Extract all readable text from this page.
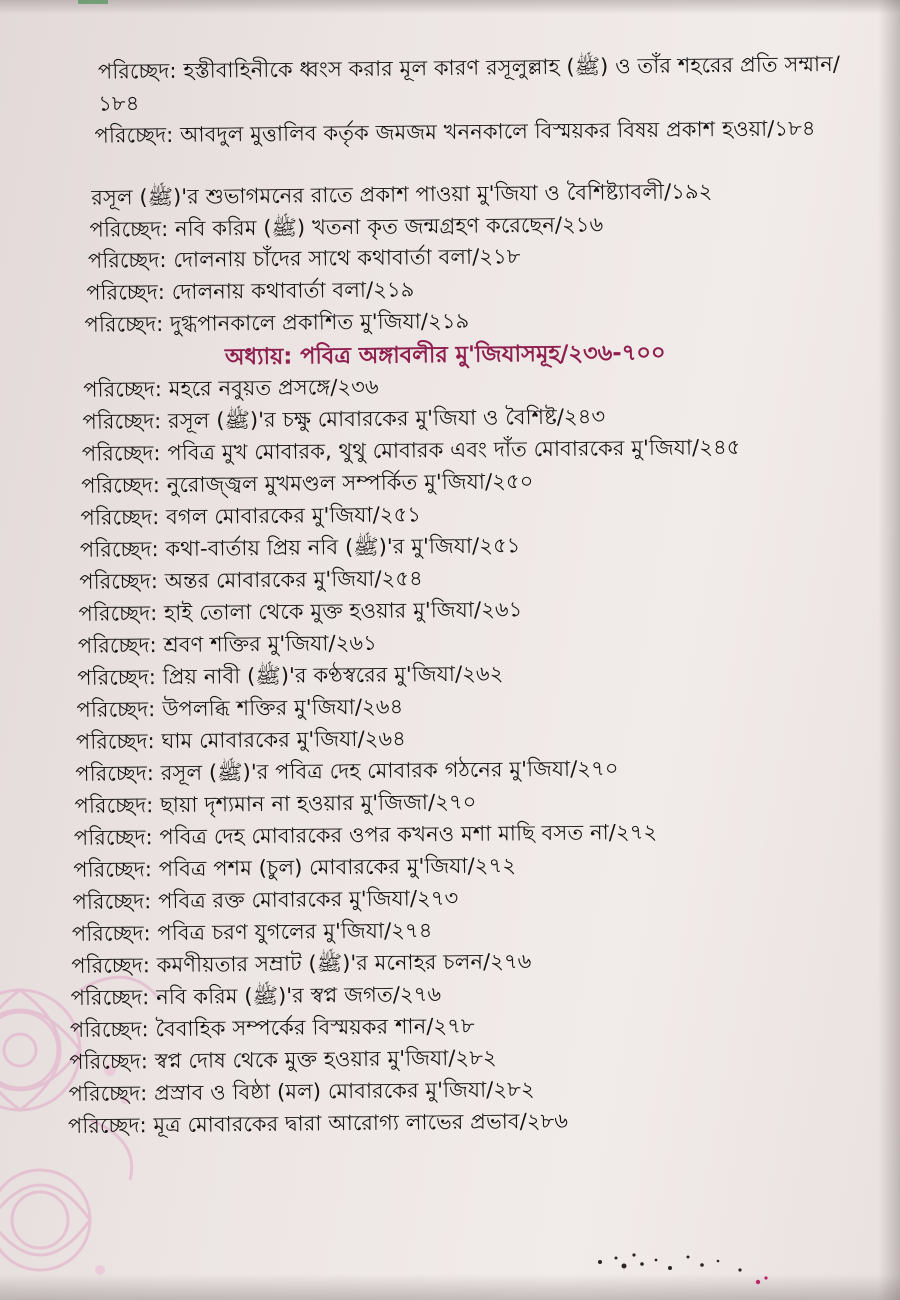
পরিচ্ছেদ: হস্তীবাহিনীকে ধ্বংস করার মূল কারণ রসূলুল্লাহ (ﷺ) ও তাঁর শহরের প্রতি সম্মান/১৮৪
পরিচ্ছেদ: আবদুল মুত্তালিব কর্তৃক জমজম খননকালে বিস্ময়কর বিষয় প্রকাশ হওয়া/১৮৪
রসূল (ﷺ)'র শুভাগমনের রাতে প্রকাশ পাওয়া মু'জিযা ও বৈশিষ্ট্যাবলী/১৯২
পরিচ্ছেদ: নবি করিম (ﷺ) খতনা কৃত জন্মগ্রহণ করেছেন/২১৬
পরিচ্ছেদ: দোলনায় চাঁদের সাথে কথাবার্তা বলা/২১৮
পরিচ্ছেদ: দোলনায় কথাবার্তা বলা/২১৯
পরিচ্ছেদ: দুগ্ধপানকালে প্রকাশিত মু'জিযা/২১৯
অধ্যায়: পবিত্র অঙ্গাবলীর মু'জিযাসমূহ/২৩৬-৭০০
পরিচ্ছেদ: মহরে নবুয়ত প্রসঙ্গে/২৩৬
পরিচ্ছেদ: রসূল (ﷺ)'র চক্ষু মোবারকের মু'জিযা ও বৈশিষ্ট/২৪৩
পরিচ্ছেদ: পবিত্র মুখ মোবারক, থুথু মোবারক এবং দাঁত মোবারকের মু'জিযা/২৪৫
পরিচ্ছেদ: নুরোজ্জ্বল মুখমণ্ডল সম্পর্কিত মু'জিযা/২৫০
পরিচ্ছেদ: বগল মোবারকের মু'জিযা/২৫১
পরিচ্ছেদ: কথা-বার্তায় প্রিয় নবি (ﷺ)'র মু'জিযা/২৫১
পরিচ্ছেদ: অন্তর মোবারকের মু'জিযা/২৫৪
পরিচ্ছেদ: হাই তোলা থেকে মুক্ত হওয়ার মু'জিযা/২৬১
পরিচ্ছেদ: শ্রবণ শক্তির মু'জিযা/২৬১
পরিচ্ছেদ: প্রিয় নাবী (ﷺ)'র কণ্ঠস্বরের মু'জিযা/২৬২
পরিচ্ছেদ: উপলব্ধি শক্তির মু'জিযা/২৬৪
পরিচ্ছেদ: ঘাম মোবারকের মু'জিযা/২৬৪
পরিচ্ছেদ: রসূল (ﷺ)'র পবিত্র দেহ মোবারক গঠনের মু'জিযা/২৭০
পরিচ্ছেদ: ছায়া দৃশ্যমান না হওয়ার মু'জিজা/২৭০
পরিচ্ছেদ: পবিত্র দেহ মোবারকের ওপর কখনও মশা মাছি বসত না/২৭২
পরিচ্ছেদ: পবিত্র পশম (চুল) মোবারকের মু'জিযা/২৭২
পরিচ্ছেদ: পবিত্র রক্ত মোবারকের মু'জিযা/২৭৩
পরিচ্ছেদ: পবিত্র চরণ যুগলের মু'জিযা/২৭৪
পরিচ্ছেদ: কমণীয়তার সম্রাট (ﷺ)'র মনোহর চলন/২৭৬
পরিচ্ছেদ: নবি করিম (ﷺ)'র স্বপ্ন জগত/২৭৬
পরিচ্ছেদ: বৈবাহিক সম্পর্কের বিস্ময়কর শান/২৭৮
পরিচ্ছেদ: স্বপ্ন দোষ থেকে মুক্ত হওয়ার মু'জিযা/২৮২
পরিচ্ছেদ: প্রস্রাব ও বিষ্ঠা (মল) মোবারকের মু'জিযা/২৮২
পরিচ্ছেদ: মূত্র মোবারকের দ্বারা আরোগ্য লাভের প্রভাব/২৮৬
